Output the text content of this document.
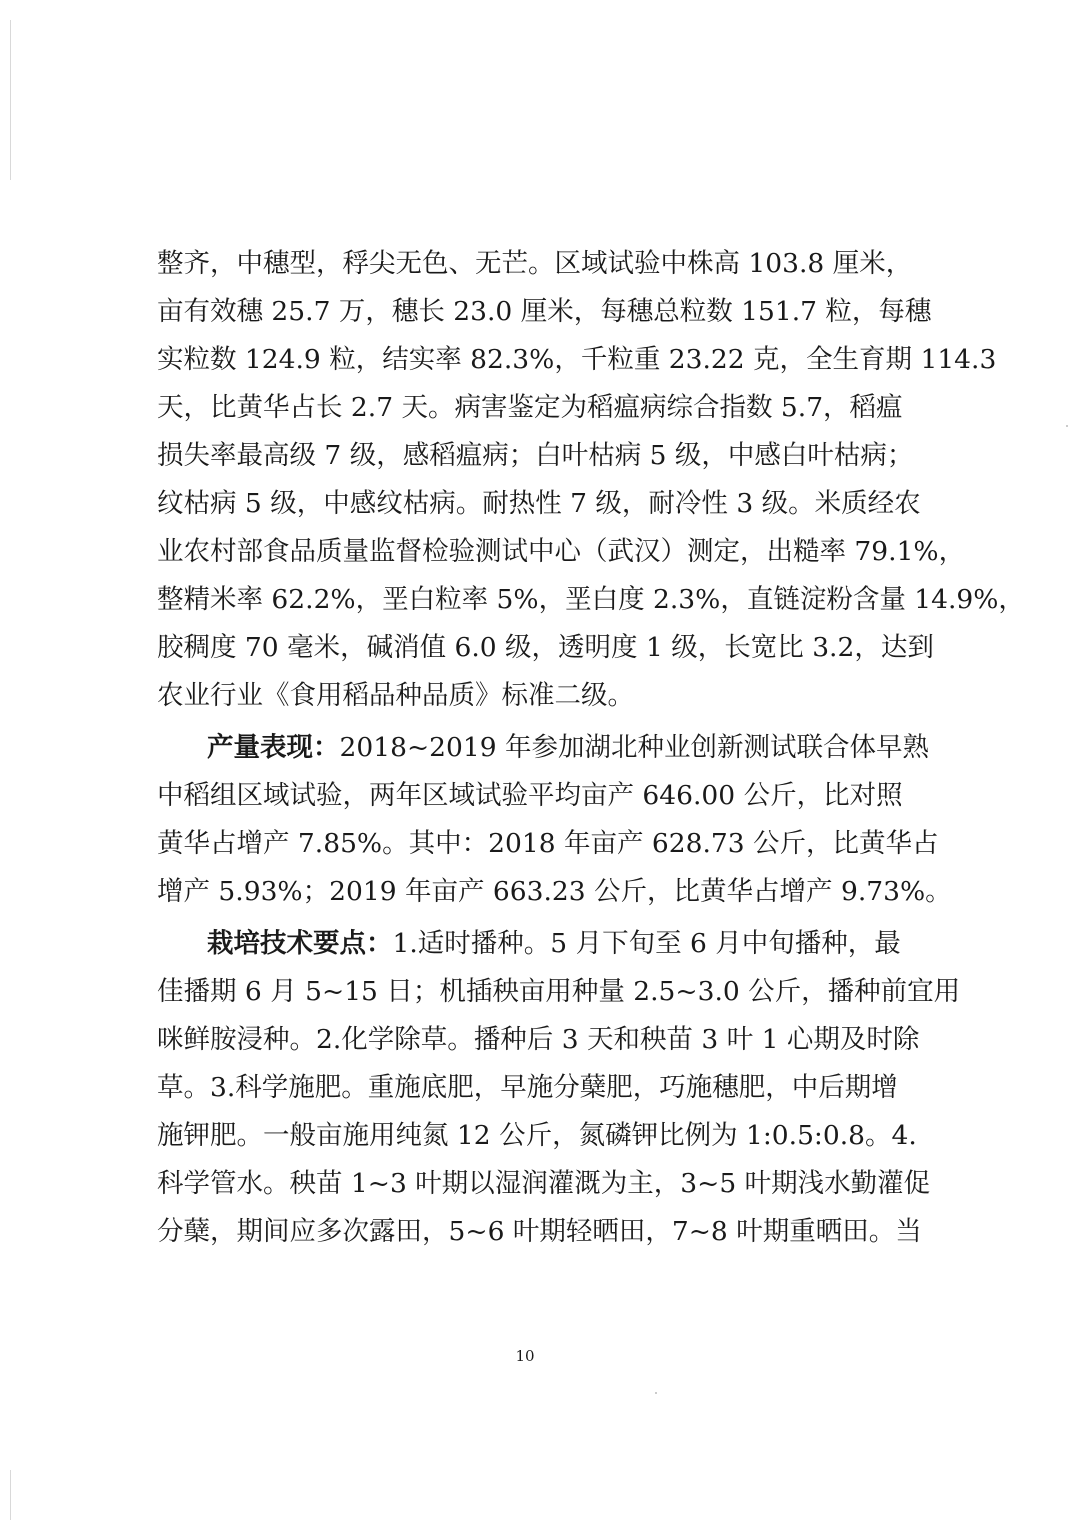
整齐，中穗型，稃尖无色、无芒。区域试验中株高 103.8 厘米，
亩有效穗 25.7 万，穗长 23.0 厘米，每穗总粒数 151.7 粒，每穗
实粒数 124.9 粒，结实率 82.3%，千粒重 23.22 克，全生育期 114.3
天，比黄华占长 2.7 天。病害鉴定为稻瘟病综合指数 5.7，稻瘟
损失率最高级 7 级，感稻瘟病；白叶枯病 5 级，中感白叶枯病；
纹枯病 5 级，中感纹枯病。耐热性 7 级，耐冷性 3 级。米质经农
业农村部食品质量监督检验测试中心（武汉）测定，出糙率 79.1%，
整精米率 62.2%，垩白粒率 5%，垩白度 2.3%，直链淀粉含量 14.9%，
胶稠度 70 毫米，碱消值 6.0 级，透明度 1 级，长宽比 3.2，达到
农业行业《食用稻品种品质》标准二级。
产量表现：2018~2019 年参加湖北种业创新测试联合体早熟
中稻组区域试验，两年区域试验平均亩产 646.00 公斤，比对照
黄华占增产 7.85%。其中：2018 年亩产 628.73 公斤，比黄华占
增产 5.93%；2019 年亩产 663.23 公斤，比黄华占增产 9.73%。
栽培技术要点：1.适时播种。5 月下旬至 6 月中旬播种，最
佳播期 6 月 5~15 日；机插秧亩用种量 2.5~3.0 公斤，播种前宜用
咪鲜胺浸种。2.化学除草。播种后 3 天和秧苗 3 叶 1 心期及时除
草。3.科学施肥。重施底肥，早施分蘖肥，巧施穗肥，中后期增
施钾肥。一般亩施用纯氮 12 公斤，氮磷钾比例为 1:0.5:0.8。4.
科学管水。秧苗 1~3 叶期以湿润灌溉为主，3~5 叶期浅水勤灌促
分蘖，期间应多次露田，5~6 叶期轻晒田，7~8 叶期重晒田。当
10
